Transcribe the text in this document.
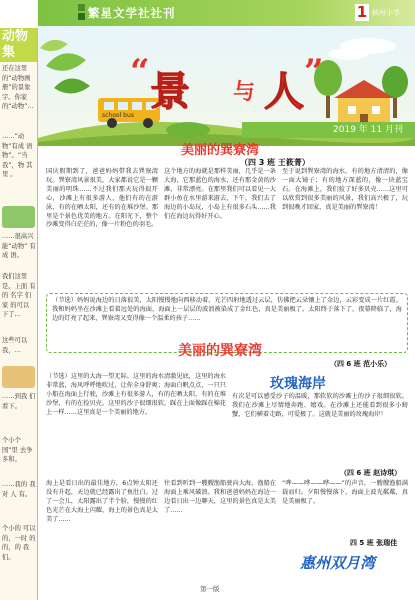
繁星文学社社刊	1 核州小学
动物 集
还在这里的“动物画册”的景象宇。你家的“动物”…
……“动物”有成 语物”。“当我”，物 其 里 。
……很高兴 能“动物” 有成 语。
我们这里是。上面 有的 名字 们家 的可以 下了…
这些可以 我，…
……到我 们 看下。
个小个 国”里 去争 多和。
……我的 我 对 人 有。
个小的 可以 的，一时 的 的，的 我们。
school bus
“ 景 与 人 ”
2019 年 11 月刊
美丽的巽寮湾
（四 3 班 王筱菁）
国庆假期到了，爸爸妈妈带我去巽寮湾玩。巽寮湾风景很美，大家都说它是一颗美丽的明珠……不过我们那天玩得很开心，沙滩上有很多游人，他们有的在游泳，有的在晒太阳，还有的在堆沙堡。那里是个景色优美的地方。在阳光下，整个沙滩变得白茫茫的，像一片粉色的羽毛。
这个地方的海就是那样美丽，几乎是一条大海，它那蓝色的海水，还有那金黄的沙滩，非常漂亮。在那里我们可以看见一大群小鱼在水里游来游去，下午，我们去了海边的小岛玩，小岛上有很多石头……我们在海边玩得好开心。
至于说到巽寮湾的海水，有的地方清清的，像一面大镜子；有的地方深蓝的，像一块蓝宝石。在海滩上，我们捡了好多贝壳……这里可以欣赏到很多美丽的风景，我们高兴极了，玩到很晚才回家，真是美丽的巽寮湾！
（节选）妈妈说海边的日落很美，太阳慢慢地向西移动着，光芒四射地透过云层，仿佛把云朵镶上了金边，云彩变成一片红霞。我和妈妈坐在沙滩上看着远处的海面，海面上一层层的波浪被染成了金红色，真是美丽极了。太阳终于落下了，夜幕降临了，海边的灯亮了起来，巽寮湾又变得像一个温柔的孩子……
美丽的巽寮湾
（四 6 班 范小乐）
（节选）这里的大海一望无际。这里的海水清澈见底，这里的海水非常蓝，海风呼呼地吹过，让你全身舒爽；海面白帆点点，一只只小船在海面上行驶，沙滩上有很多游人，有的在晒太阳，有的在堆沙堡，有的在捡贝壳。这里的沙子很细很软，踩在上面像踩在棉花上一样……这里真是一个美丽的地方。
玫瑰海岸
有次是可以感受沙子的温暖，那软软的沙滩上的沙子很细很软。我们在沙滩上尽情地奔跑、嬉戏。在沙滩上还能看到很多小螃蟹，它们横着走路，可爱极了。这就是美丽的玫瑰海岸！
（四 6 班 赵诗琪）
海上是看日出的最佳地方，6点钟太阳还没有升起，天边就已经露出了鱼肚白。过了一会儿，太阳露出了半个脸，慢慢的红色光芒在大海上闪耀，海上的景色真是太美了……
往看到听到一艘艘渔船驶向大海，渔船在海面上乘风破浪。我和爸爸妈妈在海边一边看日出一边聊天，这里的景色真是太美了……
“哗——哗——哗——”的声音，一艘艘渔船满载而归。夕阳慢慢落下，海面上波光粼粼，真是美丽极了。
四 5 班 张瑞佳
惠州双月湾
第一版
